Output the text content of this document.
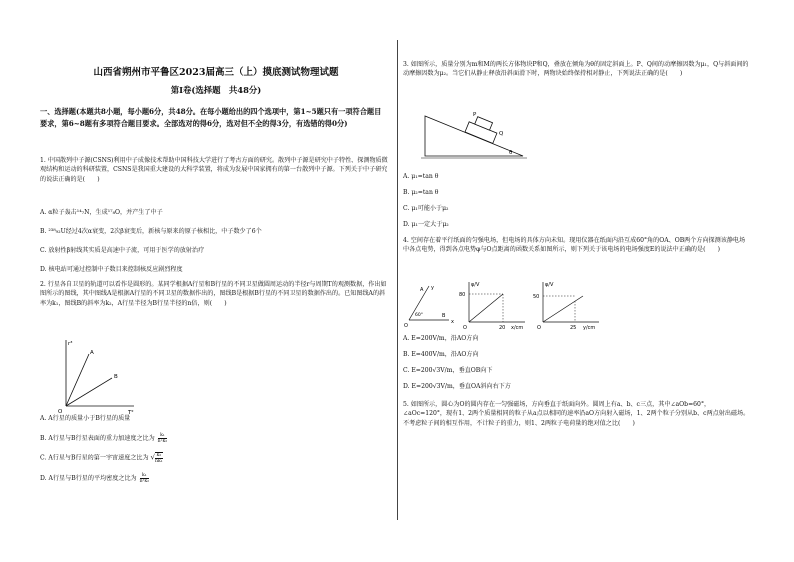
山西省朔州市平鲁区2023届高三（上）摸底测试物理试题
第Ⅰ卷(选择题　共48分)
一、选择题(本题共8小题，每小题6分，共48分。在每小题给出的四个选项中，第1~5题只有一项符合题目要求，第6~8题有多项符合题目要求。全部选对的得6分，选对但不全的得3分，有选错的得0分)
1. 中国散列中子源(CSNS)利用中子成像技术帮助中国科技大学进行了考古方面的研究。散列中子源是研究中子特性、探测物质微观结构和运动的科研装置，CSNS是我国重大建设的大科学装置，将成为发展中国家拥有的第一台散列中子源。下列关于中子研究的说法正确的是(　　)
A. α粒子轰击¹⁴₇N，生成¹⁷₈O，并产生了中子
B. ²³⁸₉₂U经过4次α衰变，2次β衰变后，新核与原来的原子核相比，中子数少了6个
C. 放射性β射线其实质是高速中子流，可用于医学的放射治疗
D. 核电站可通过控制中子数目来控制核反应剧烈程度
2. 行星各自卫星的轨道可以看作是圆形的。某同学根据A行星和B行星的不同卫星做圆周运动的半径r与周期T的观测数据，作出如图所示的图线，其中图线A是根据A行星的不同卫星的数据作出的，图线B是根据B行星的不同卫星的数据作出的。已知图线A的斜率为k₁，图线B的斜率为k₂，A行星半径为B行星半径的n倍，则(　　)
r³
T²
O
A
B
A. A行星的质量小于B行星的质量
B. A行星与B行星表面的重力加速度之比为 $\frac{\text{k₁}}{\text{n²k₂}}$
C. A行星与B行星的第一宇宙速度之比为 √ $\frac{\text{k₂}}{\text{nk₁}}$
D. A行星与B行星的平均密度之比为 $\frac{\text{k₁}}{\text{n³k₂}}$
3. 如图所示，质量分别为m和M的两长方体物块P和Q，叠放在倾角为θ的固定斜面上。P、Q间的动摩擦因数为μ₁，Q与斜面间的动摩擦因数为μ₂。当它们从静止释放沿斜面滑下时，两物块始终保持相对静止，下列说法正确的是(　　)
P
Q
θ
A. μ₁=tan θ
B. μ₂=tan θ
C. μ₁可能小于μ₂
D. μ₁一定大于μ₂
4. 空间存在着平行纸面的匀强电场，但电场的具体方向未知。现用仪器在纸面内沿互成60°角的OA、OB两个方向探测该静电场中各点电势，得到各点电势φ与O点距离的函数关系如图所示，则下列关于该电场的电场强度E的说法中正确的是(　　)
O
A y
B
x
60°
φ/V
80
20 x/cm
O
φ/V
50
25 y/cm
O
A. E=200V/m，沿AO方向
B. E=400V/m，沿AO方向
C. E=200√3V/m，垂直OB向下
D. E=200√3V/m，垂直OA斜向右下方
5. 如图所示，圆心为O的圆内存在一匀强磁场，方向垂直于纸面向外。圆周上有a、b、c三点，其中∠aOb=60°，∠aOc=120°，现有1、2两个质量相同的粒子从a点以相同的速率沿aO方向射入磁场，1、2两个粒子分别从b、c两点射出磁场。不考虑粒子间的相互作用，不计粒子的重力，则1、2两粒子电荷量的绝对值之比(　　)
